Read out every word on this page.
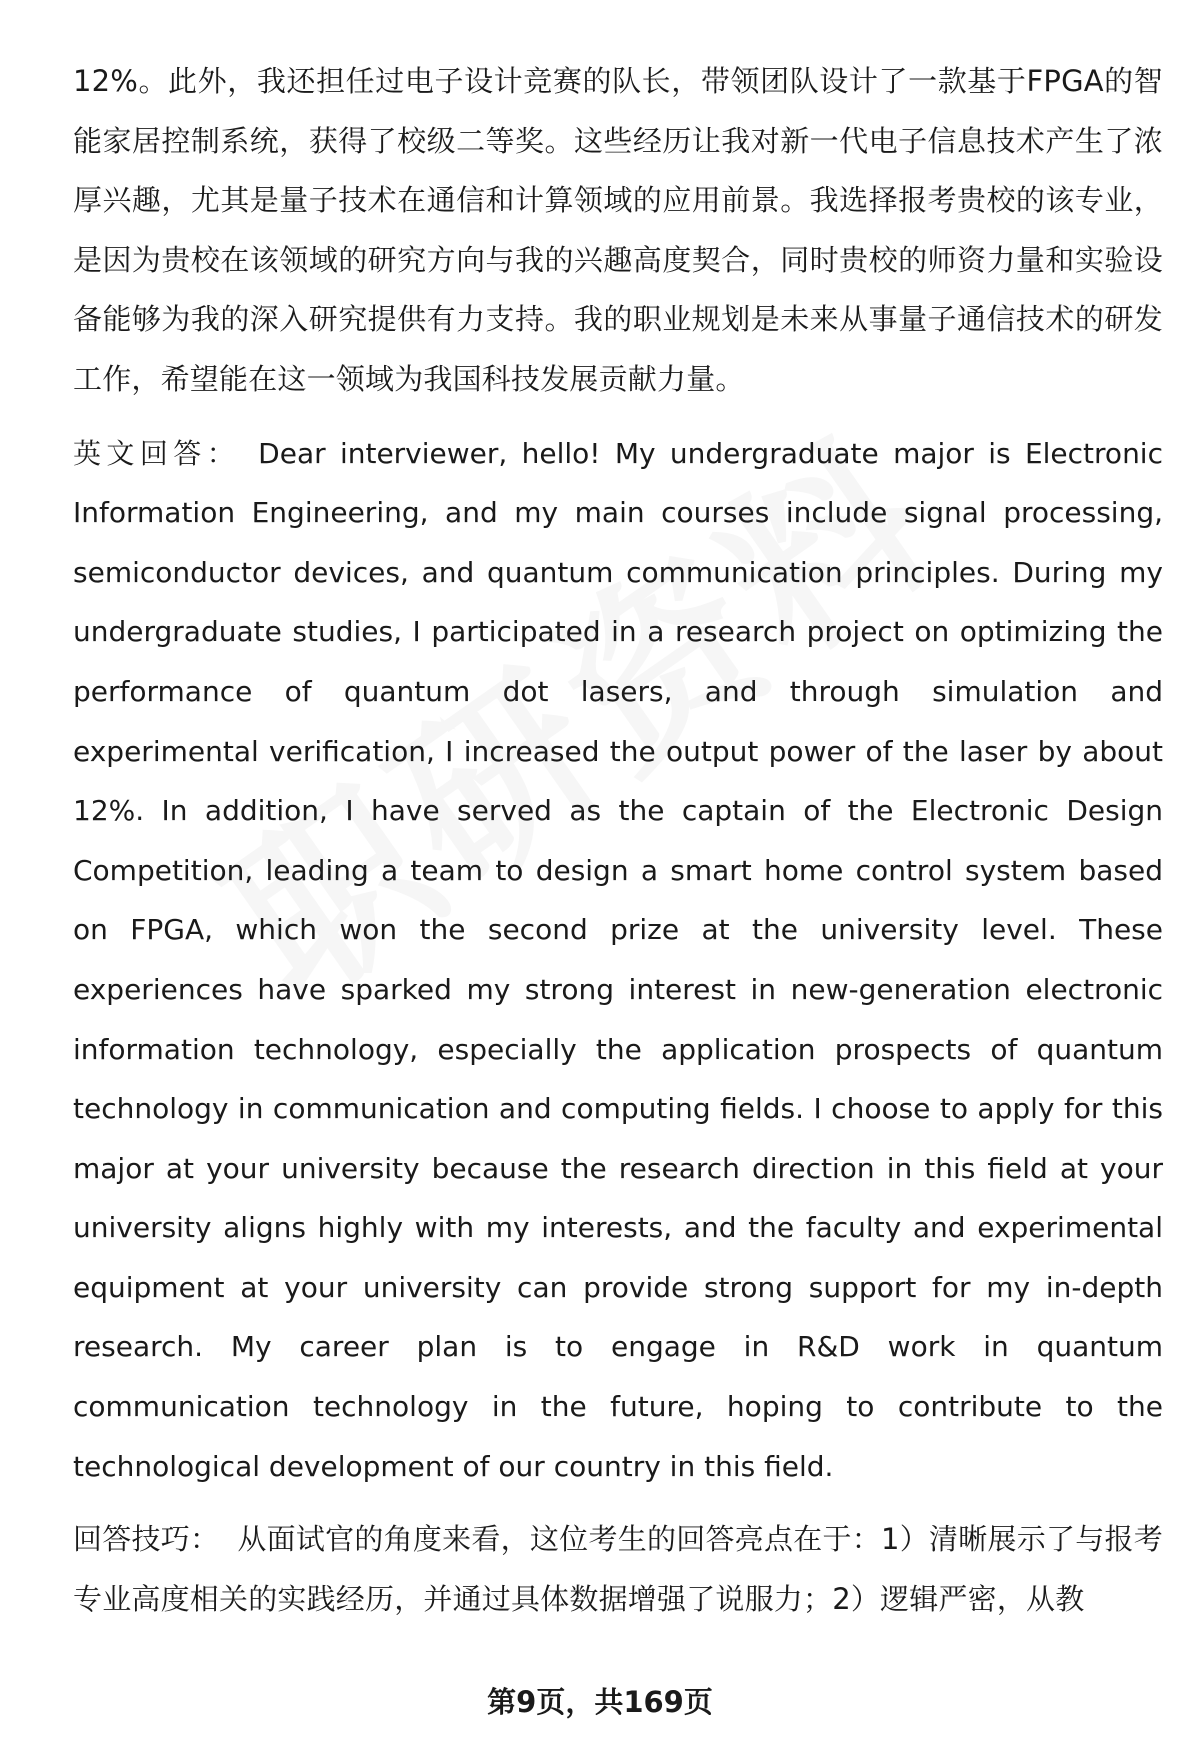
12%。此外，我还担任过电子设计竞赛的队长，带领团队设计了一款基于FPGA的智能家居控制系统，获得了校级二等奖。这些经历让我对新一代电子信息技术产生了浓厚兴趣，尤其是量子技术在通信和计算领域的应用前景。我选择报考贵校的该专业，是因为贵校在该领域的研究方向与我的兴趣高度契合，同时贵校的师资力量和实验设备能够为我的深入研究提供有力支持。我的职业规划是未来从事量子通信技术的研发工作，希望能在这一领域为我国科技发展贡献力量。

英文回答： Dear interviewer, hello! My undergraduate major is Electronic Information Engineering, and my main courses include signal processing, semiconductor devices, and quantum communication principles. During my undergraduate studies, I participated in a research project on optimizing the performance of quantum dot lasers, and through simulation and experimental verification, I increased the output power of the laser by about 12%. In addition, I have served as the captain of the Electronic Design Competition, leading a team to design a smart home control system based on FPGA, which won the second prize at the university level. These experiences have sparked my strong interest in new-generation electronic information technology, especially the application prospects of quantum technology in communication and computing fields. I choose to apply for this major at your university because the research direction in this field at your university aligns highly with my interests, and the faculty and experimental equipment at your university can provide strong support for my in-depth research. My career plan is to engage in R&D work in quantum communication technology in the future, hoping to contribute to the technological development of our country in this field.

回答技巧： 从面试官的角度来看，这位考生的回答亮点在于：1）清晰展示了与报考专业高度相关的实践经历，并通过具体数据增强了说服力；2）逻辑严密，从教

第9页，共169页
